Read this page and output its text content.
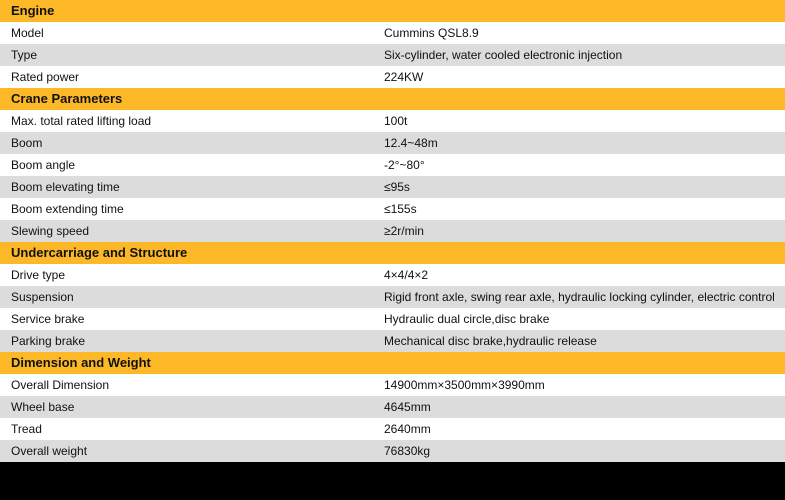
Engine
Model	Cummins QSL8.9
Type	Six-cylinder, water cooled electronic injection
Rated power	224KW
Crane Parameters
Max. total rated lifting load	100t
Boom	12.4~48m
Boom angle	-2°~80°
Boom elevating time	≤95s
Boom extending time	≤155s
Slewing speed	≥2r/min
Undercarriage and Structure
Drive type	4×4/4×2
Suspension	Rigid front axle, swing rear axle, hydraulic locking cylinder, electric control
Service brake	Hydraulic dual circle,disc brake
Parking brake	Mechanical disc brake,hydraulic release
Dimension and Weight
Overall Dimension	14900mm×3500mm×3990mm
Wheel base	4645mm
Tread	2640mm
Overall weight	76830kg
